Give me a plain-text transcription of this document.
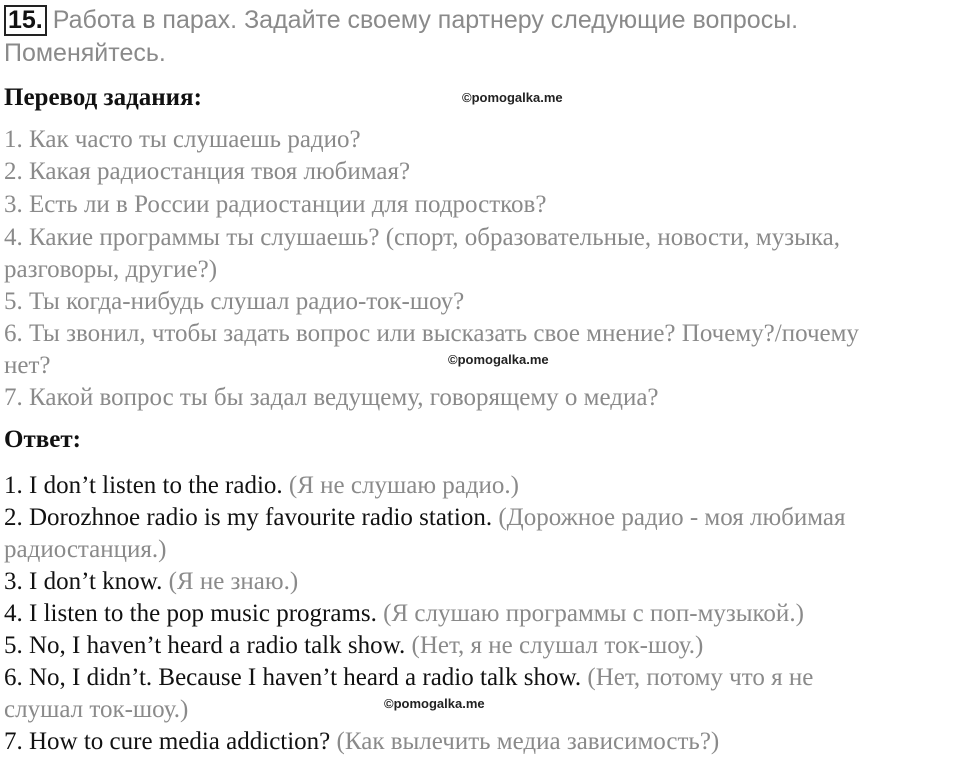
15. Работа в парах. Задайте своему партнеру следующие вопросы.
Поменяйтесь.
Перевод задания:	©pomogalka.me
1. Как часто ты слушаешь радио?
2. Какая радиостанция твоя любимая?
3. Есть ли в России радиостанции для подростков?
4. Какие программы ты слушаешь? (спорт, образовательные, новости, музыка,
разговоры, другие?)
5. Ты когда-нибудь слушал радио-ток-шоу?
6. Ты звонил, чтобы задать вопрос или высказать свое мнение? Почему?/почему
нет?	©pomogalka.me
7. Какой вопрос ты бы задал ведущему, говорящему о медиа?
Ответ:
1. I don’t listen to the radio. (Я не слушаю радио.)
2. Dorozhnoe radio is my favourite radio station. (Дорожное радио - моя любимая
радиостанция.)
3. I don’t know. (Я не знаю.)
4. I listen to the pop music programs. (Я слушаю программы с поп-музыкой.)
5. No, I haven’t heard a radio talk show. (Нет, я не слушал ток-шоу.)
6. No, I didn’t. Because I haven’t heard a radio talk show. (Нет, потому что я не
слушал ток-шоу.)	©pomogalka.me
7. How to cure media addiction? (Как вылечить медиа зависимость?)
